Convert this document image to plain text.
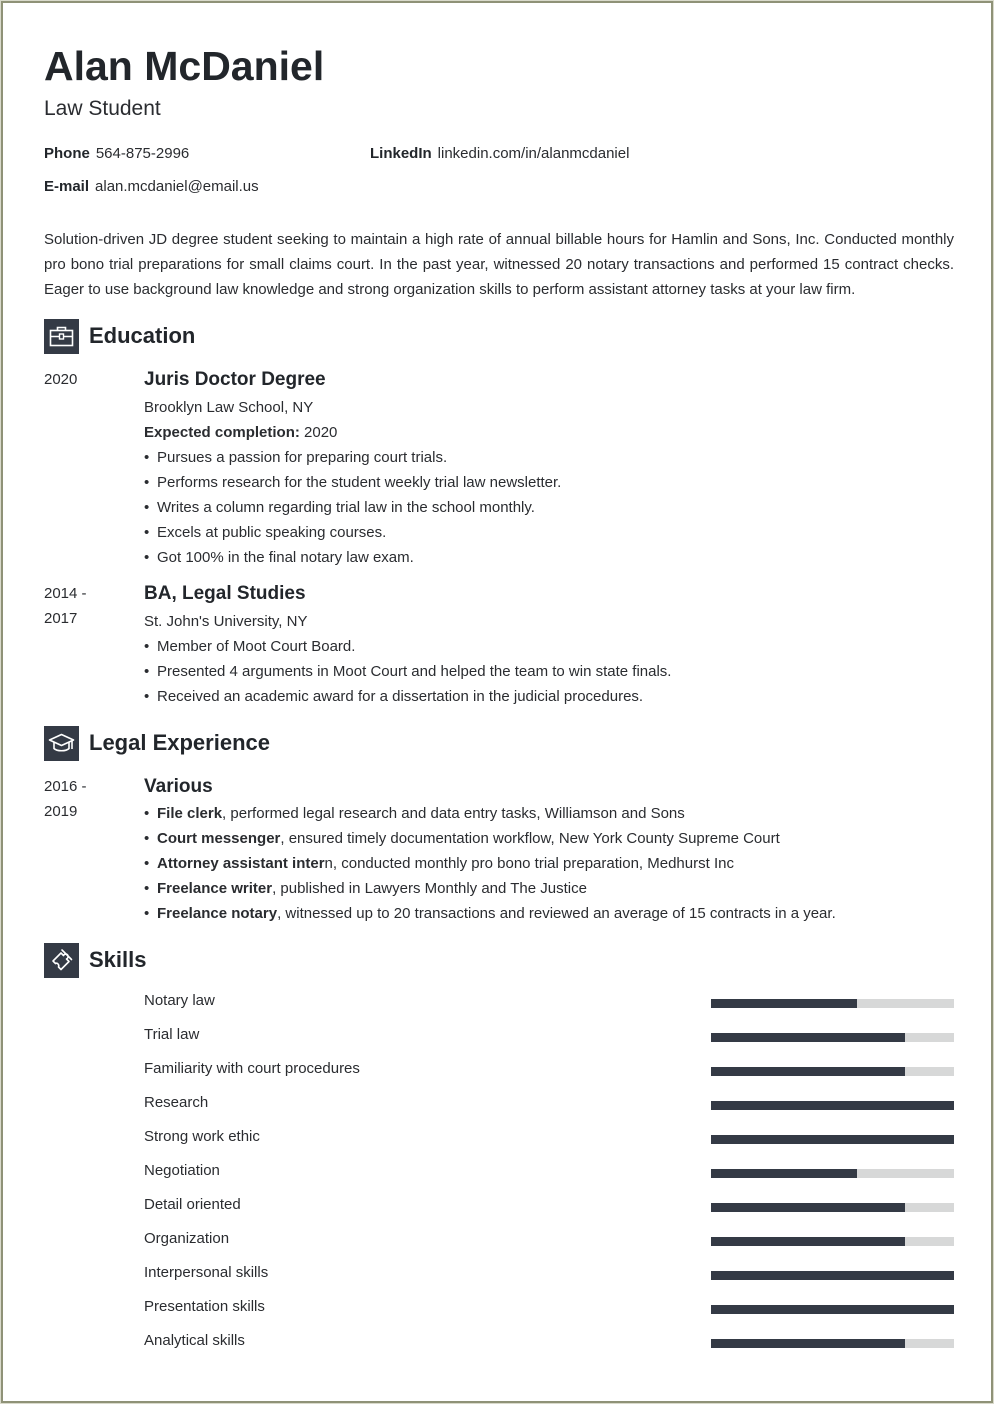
Alan McDaniel
Law Student
Phone 564-875-2996	LinkedIn linkedin.com/in/alanmcdaniel
E-mail alan.mcdaniel@email.us
Solution-driven JD degree student seeking to maintain a high rate of annual billable hours for Hamlin and Sons, Inc. Conducted monthly pro bono trial preparations for small claims court. In the past year, witnessed 20 notary transactions and performed 15 contract checks. Eager to use background law knowledge and strong organization skills to perform assistant attorney tasks at your law firm.
Education
2020	Juris Doctor Degree
Brooklyn Law School, NY
Expected completion: 2020
• Pursues a passion for preparing court trials.
• Performs research for the student weekly trial law newsletter.
• Writes a column regarding trial law in the school monthly.
• Excels at public speaking courses.
• Got 100% in the final notary law exam.
2014 -
2017
BA, Legal Studies
St. John's University, NY
• Member of Moot Court Board.
• Presented 4 arguments in Moot Court and helped the team to win state finals.
• Received an academic award for a dissertation in the judicial procedures.
Legal Experience
2016 -
2019
Various
• File clerk, performed legal research and data entry tasks, Williamson and Sons
• Court messenger, ensured timely documentation workflow, New York County Supreme Court
• Attorney assistant intern, conducted monthly pro bono trial preparation, Medhurst Inc
• Freelance writer, published in Lawyers Monthly and The Justice
• Freelance notary, witnessed up to 20 transactions and reviewed an average of 15 contracts in a year.
Skills
Notary law
Trial law
Familiarity with court procedures
Research
Strong work ethic
Negotiation
Detail oriented
Organization
Interpersonal skills
Presentation skills
Analytical skills
